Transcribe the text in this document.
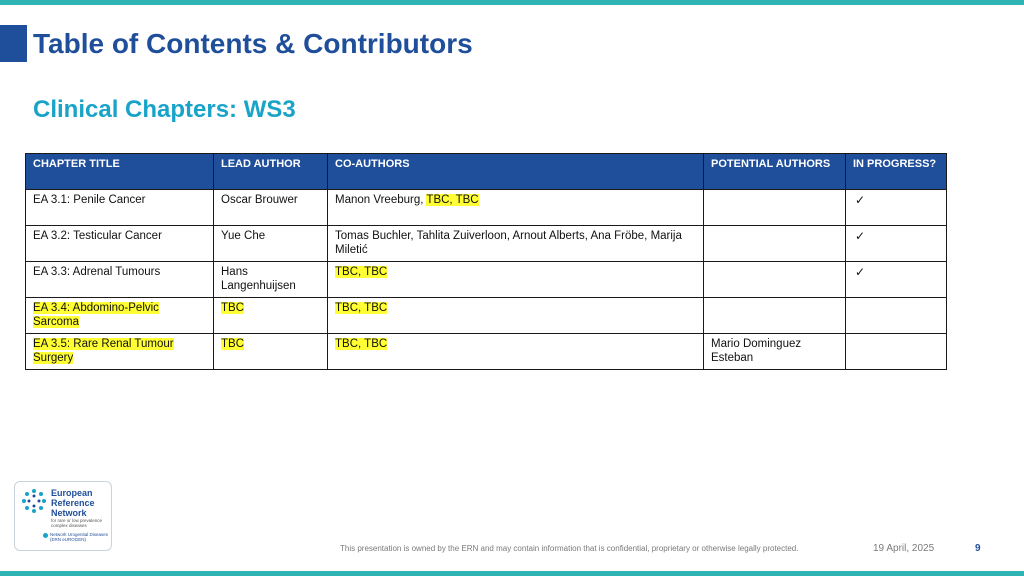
Table of Contents & Contributors
Clinical Chapters: WS3
CHAPTER TITLE	LEAD AUTHOR	CO-AUTHORS	POTENTIAL AUTHORS	IN PROGRESS?
EA 3.1: Penile Cancer	Oscar Brouwer	Manon Vreeburg, TBC, TBC		✓
EA 3.2: Testicular Cancer	Yue Che	Tomas Buchler, Tahlita Zuiverloon, Arnout Alberts, Ana Fröbe, Marija Miletić		✓
EA 3.3: Adrenal Tumours	Hans Langenhuijsen	TBC, TBC		✓
EA 3.4: Abdomino-Pelvic Sarcoma	TBC	TBC, TBC		
EA 3.5: Rare Renal Tumour Surgery	TBC	TBC, TBC	Mario Dominguez Esteban	
European
Reference
Network
for rare or low prevalence complex diseases
Network Urogenital Diseases (ERN eUROGEN)
This presentation is owned by the ERN and may contain information that is confidential, proprietary or otherwise legally protected.	19 April, 2025	9
